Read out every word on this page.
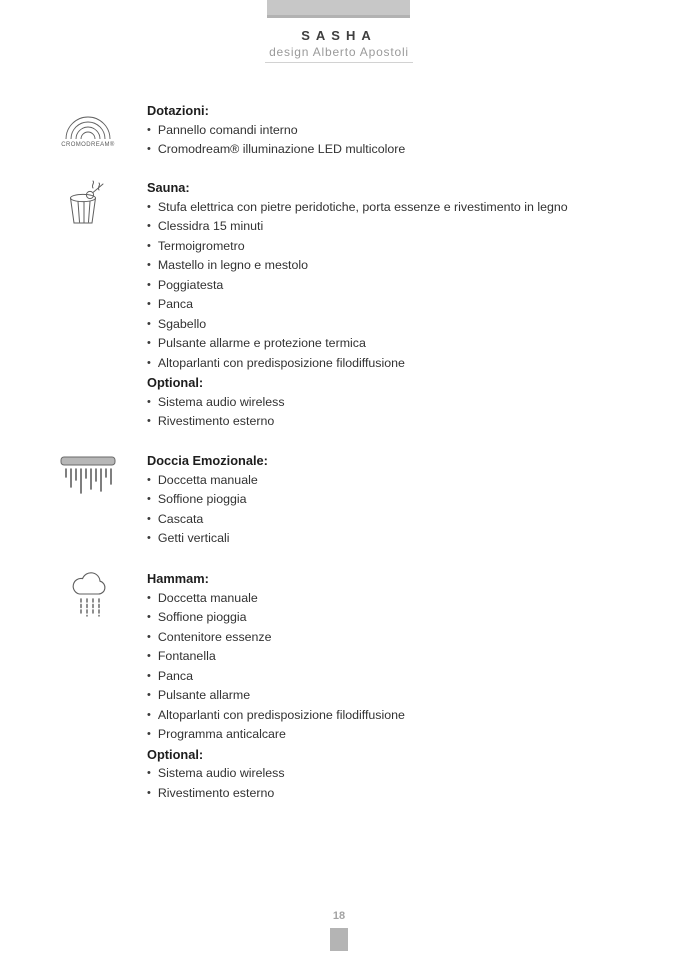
SASHA
design Alberto Apostoli
CROMODREAM®
Dotazioni:
• Pannello comandi interno
• Cromodream® illuminazione LED multicolore
Sauna:
• Stufa elettrica con pietre peridotiche, porta essenze e rivestimento in legno
• Clessidra 15 minuti
• Termoigrometro
• Mastello in legno e mestolo
• Poggiatesta
• Panca
• Sgabello
• Pulsante allarme e protezione termica
• Altoparlanti con predisposizione filodiffusione
Optional:
• Sistema audio wireless
• Rivestimento esterno
Doccia Emozionale:
• Doccetta manuale
• Soffione pioggia
• Cascata
• Getti verticali
Hammam:
• Doccetta manuale
• Soffione pioggia
• Contenitore essenze
• Fontanella
• Panca
• Pulsante allarme
• Altoparlanti con predisposizione filodiffusione
• Programma anticalcare
Optional:
• Sistema audio wireless
• Rivestimento esterno
18
